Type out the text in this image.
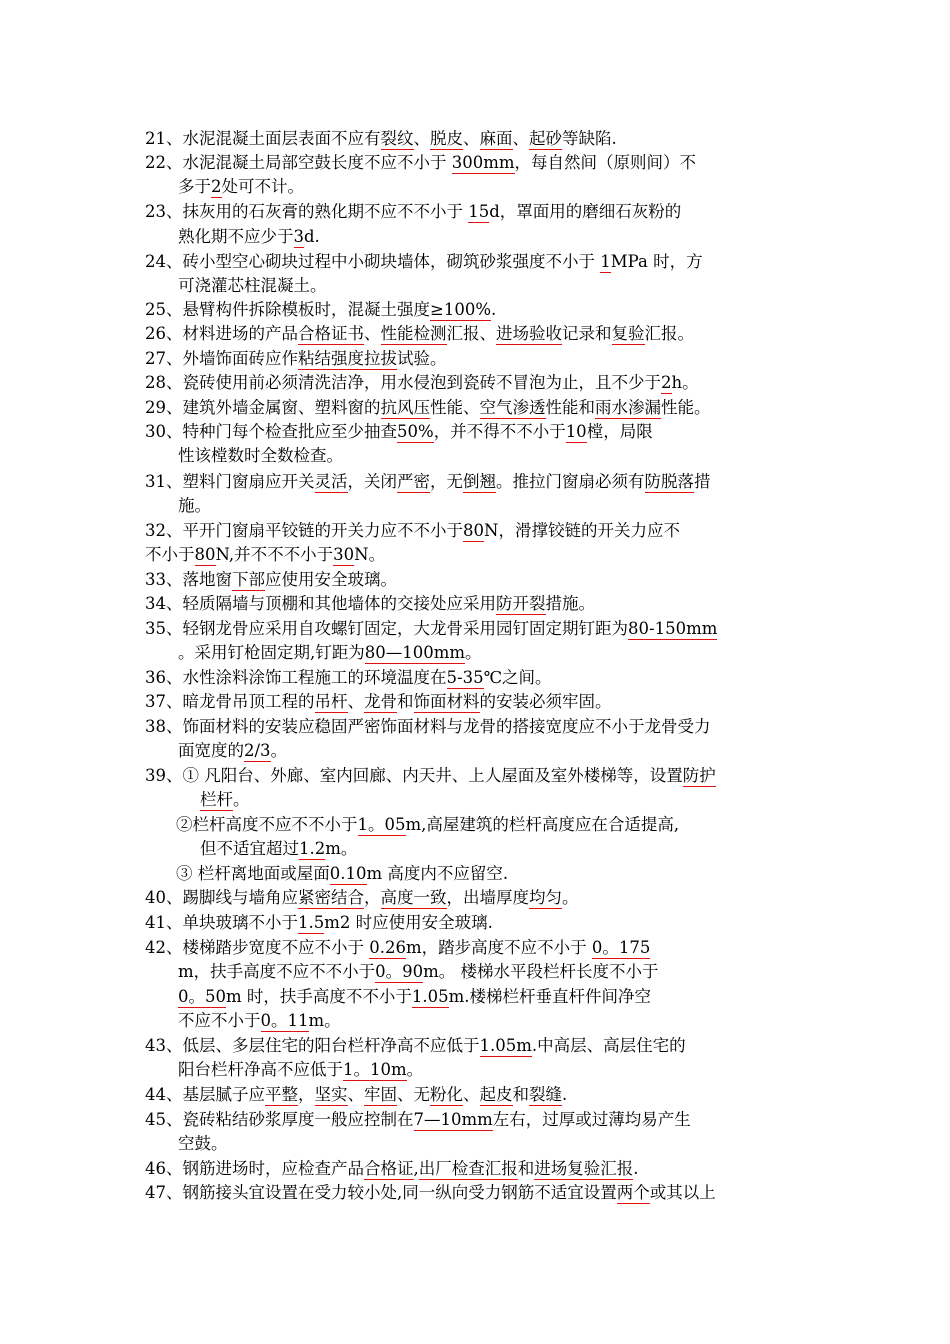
21、水泥混凝土面层表面不应有裂纹、脱皮、麻面、起砂等缺陷.
22、水泥混凝土局部空鼓长度不应不小于 300mm，每自然间（原则间）不
多于2处可不计。
23、抹灰用的石灰膏的熟化期不应不不小于 15d，罩面用的磨细石灰粉的
熟化期不应少于3d.
24、砖小型空心砌块过程中小砌块墙体，砌筑砂浆强度不小于 1MPa 时，方
可浇灌芯柱混凝土。
25、悬臂构件拆除模板时，混凝土强度≥100%.
26、材料进场的产品合格证书、性能检测汇报、进场验收记录和复验汇报。
27、外墙饰面砖应作粘结强度拉拔试验。
28、瓷砖使用前必须清洗洁净，用水侵泡到瓷砖不冒泡为止，且不少于2h。
29、建筑外墙金属窗、塑料窗的抗风压性能、空气渗透性能和雨水渗漏性能。
30、特种门每个检查批应至少抽查50%，并不得不不小于10樘，局限
性该樘数时全数检查。
31、塑料门窗扇应开关灵活，关闭严密，无倒翘。推拉门窗扇必须有防脱落措
施。
32、平开门窗扇平铰链的开关力应不不小于80N，滑撑铰链的开关力应不
不小于80N,并不不不小于30N。
33、落地窗下部应使用安全玻璃。
34、轻质隔墙与顶棚和其他墙体的交接处应采用防开裂措施。
35、轻钢龙骨应采用自攻螺钉固定，大龙骨采用园钉固定期钉距为80-150mm
。采用钉枪固定期,钉距为80—100mm。
36、水性涂料涂饰工程施工的环境温度在5-35℃之间。
37、暗龙骨吊顶工程的吊杆、龙骨和饰面材料的安装必须牢固。
38、饰面材料的安装应稳固严密饰面材料与龙骨的搭接宽度应不小于龙骨受力
面宽度的2/3。
39、① 凡阳台、外廊、室内回廊、内天井、上人屋面及室外楼梯等，设置防护
栏杆。
②栏杆高度不应不不小于1。05m,高屋建筑的栏杆高度应在合适提高,
但不适宜超过1.2m。
③ 栏杆离地面或屋面0.10m 高度内不应留空.
40、踢脚线与墙角应紧密结合，高度一致，出墙厚度均匀。
41、单块玻璃不小于1.5m2 时应使用安全玻璃.
42、楼梯踏步宽度不应不小于 0.26m，踏步高度不应不小于 0。175
m，扶手高度不应不不小于0。90m。 楼梯水平段栏杆长度不小于
0。50m 时，扶手高度不不小于1.05m.楼梯栏杆垂直杆件间净空
不应不小于0。11m。
43、低层、多层住宅的阳台栏杆净高不应低于1.05m.中高层、高层住宅的
阳台栏杆净高不应低于1。10m。
44、基层腻子应平整，坚实、牢固、无粉化、起皮和裂缝.
45、瓷砖粘结砂浆厚度一般应控制在7—10mm左右，过厚或过薄均易产生
空鼓。
46、钢筋进场时，应检查产品合格证,出厂检查汇报和进场复验汇报.
47、钢筋接头宜设置在受力较小处,同一纵向受力钢筋不适宜设置两个或其以上
